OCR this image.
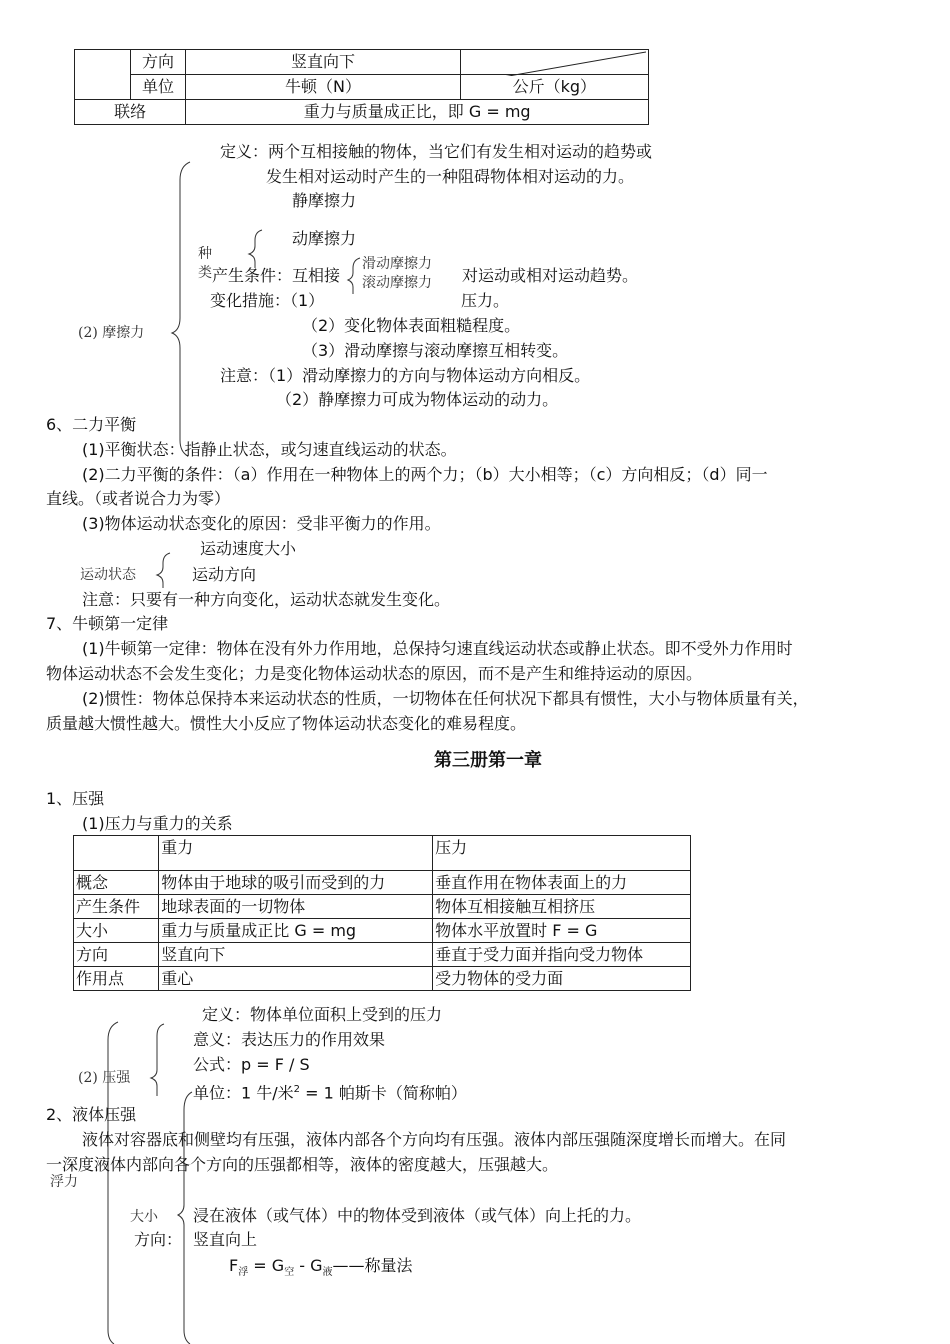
	方向	竖直向下	

	单位	牛顿（N）	公斤（kg）
联络		重力与质量成正比，即 G = mg	
定义：两个互相接触的物体，当它们有发生相对运动的趋势或
发生相对运动时产生的一种阻碍物体相对运动的力。
静摩擦力
动摩擦力
种
类
滑动摩擦力
滚动摩擦力
产生条件：互相接	对运动或相对运动趋势。
变化措施：（1）	压力。
(2) 摩擦力	（2）变化物体表面粗糙程度。
（3）滑动摩擦与滚动摩擦互相转变。
注意：（1）滑动摩擦力的方向与物体运动方向相反。
（2）静摩擦力可成为物体运动的动力。
6、二力平衡
(1)平衡状态：指静止状态，或匀速直线运动的状态。
(2)二力平衡的条件：（a）作用在一种物体上的两个力；（b）大小相等；（c）方向相反；（d）同一
直线。（或者说合力为零）
(3)物体运动状态变化的原因：受非平衡力的作用。
运动速度大小
运动状态	运动方向
注意：只要有一种方向变化，运动状态就发生变化。
7、牛顿第一定律
(1)牛顿第一定律：物体在没有外力作用地，总保持匀速直线运动状态或静止状态。即不受外力作用时
物体运动状态不会发生变化；力是变化物体运动状态的原因，而不是产生和维持运动的原因。
(2)惯性：物体总保持本来运动状态的性质，一切物体在任何状况下都具有惯性，大小与物体质量有关，
质量越大惯性越大。惯性大小反应了物体运动状态变化的难易程度。
第三册第一章
1、压强
(1)压力与重力的关系
	重力	压力
概念	物体由于地球的吸引而受到的力	垂直作用在物体表面上的力
产生条件	地球表面的一切物体	物体互相接触互相挤压
大小	重力与质量成正比 G = mg	物体水平放置时 F = G
方向	竖直向下	垂直于受力面并指向受力物体
作用点	重心	受力物体的受力面
定义：物体单位面积上受到的压力
意义：表达压力的作用效果
公式：p = F / S
(2) 压强
单位：1 牛/米$^2$ = 1 帕斯卡（简称帕）
2、液体压强
液体对容器底和侧壁均有压强，液体内部各个方向均有压强。液体内部压强随深度增长而增大。在同
一深度液体内部向各个方向的压强都相等，液体的密度越大，压强越大。
浮力
大小 浸在液体（或气体）中的物体受到液体（或气体）向上托的力。
方向： 竖直向上
$F_浮 = G_空$ - $G_液——$称量法
